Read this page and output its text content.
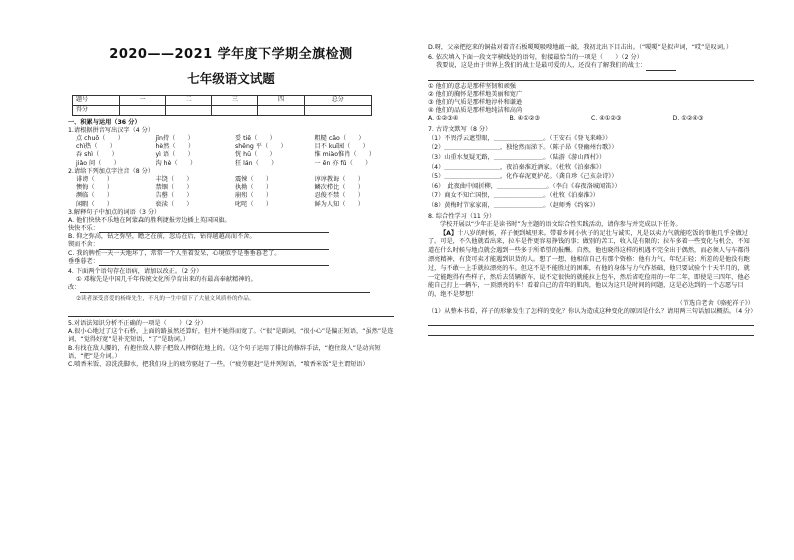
2020——2021 学年度下学期全旗检测
七年级语文试题
题号	一	二	三	四	总分
得分					
一、积累与运用（36 分）
1.请根据拼音写出汉字（4 分）
点 chuō（　　）	jīn持（　　）	妥 tiē（　　）	粗糙 cāo（　　）
chì热（　　）	hè然（　　）	shēng 平（　　）	目不 kuī园（　　）
吞 shì（　　）	yì 语（　　）	恍 hū（　　）	惟 miào惟肖（　　）
jiǎo 问（　　）	沟 hè（　　）	狂 lán（　　）	一 ēn 亦 fǔ（　　）
2.请给下列加点字注音（8 分）
诽谤（　　）	丰饶（　　）	震悚（　　）	谆谆教诲（　　）
懊悔（　　）	禁锢（　　）	执拗（　　）	鳞次栉比（　　）
濒临（　　）	告罄（　　）	崩殂（　　）	忍俊不禁（　　）
闲暇（　　）	亵渎（　　）	叱咤（　　）	鲜为人知（　　）
3.解释句子中加点的词语（3 分）
A. 他们快快不乐地在阿蒙森的胜利捷报旁边插上英国国旗。
快快不乐：
B. 仰之弥高，钻之弥坚，瞻之在前，忽焉在后，钻得越越高而不舍。
锲而不舍：
C. 我的脾性一天一天地坏了，常常一个人坐着发呆，心境似乎是垂垂暮老了。
垂垂暮老：
4. 下面两个语句存在语病，请加以改正。（2 分）
① 邓稼先是中国几千年传统文化所孕育出来的有最高奉献精神的。
改：
②读者深受喜爱的杨绛先生，不凡的一生中留下了大量文风质朴的作品。
5.对语法知识分析不正确的一项是（　　）（2 分）
A.很小心地过了这个石桥，上面的路虽然还算好，但并不她得而宽了。（“很”是副词，“很小心”是偏正短语，“虽然”是连词，“觉得好宽”是补充短语，“了”是助词。）
B.有找在敌人腰的，有抱住敌人脖子把敌人摔倒在地上的。（这个句子运用了排比的修辞手法，“抱住敌人”是动宾短语，“把”是介词。）
C.喷香米饭、凉洗洗脚水，把我们身上的疲劳驱赶了一些。（“疲劳驱赶”是并列短语，“喷香米饭”是主谓短语）
D.呀，父亲把挖来的铜盐对着青石板嗄嗄吸嗖地敲一敲，我初北出下目击出。（“嗄嗄”是拟声词，“哎”是叹词。）
6. 依次填入下面一段文字横线处的语句，衔接最恰当的一项是（　　）（2 分）
我要说，这是由于世界上我们的战士是最可爱的人，还没有了解我们的战士：
① 他们的意志是那样坚韧和顽强
② 他们的胸怀是那样地美丽和宽广
③ 他们的气质是那样地淳朴和谦逊
④ 他们的品质是那样地纯洁和高尚
A. ①②③④	B. ④①②③	C. ④①②③	D. ①②④③
7. 古诗文默写（8 分）
（1）不畏浮云遮望眼，＿＿＿＿＿＿＿＿。（王安石《登飞来峰》）
（2）＿＿＿＿＿＿＿＿＿，独怆然而涕下。（陈子昂《登幽州台歌》）
（3）山重水复疑无路，＿＿＿＿＿＿＿＿。（陆游《游山西村》）
（4）＿＿＿＿＿＿＿＿＿，夜泊秦淮近酒家。（杜牧《泊秦淮》）
（5）＿＿＿＿＿＿＿＿＿，化作春泥更护花。（龚自珍《己亥杂诗》）
（6）　此夜曲中闻折柳，＿＿＿＿＿＿＿＿。（李白《春夜洛城闻笛》）
（7）商女不知亡国恨，＿＿＿＿＿＿＿＿。（杜牧《泊秦淮》）
（8）黄梅时节家家雨，＿＿＿＿＿＿＿＿。（赵师秀《约客》）
8. 综合性学习（11 分）
学校开展以“少年正是读书时”为主题的语文综合性实践活动，请你参与并完成以下任务。
【A】十八岁的时候，祥子便到城里来。带着乡间小伙子的足壮与诚实，凡是以卖力气就能吃饭的事他几乎全做过了。可是，不久他就看出来，拉车是件更容易挣钱的事；做别的苦工，收入是有限的；拉车多着一些变化与机会，不知道在什么时候与地点就会遇到一些多于所希望的报酬。自然，他也晓得这样的机遇不完全出于偶然，而必须人与车都得漂亮精神，有货可卖才能遇到识货的人。想了一想，他相信自己有那个资格：他有力气，年纪正轻；所差的是他没有跑过，与不敢一上手就拉漂亮的车。但这不是不能胜过的困难，有他的身体与力气作基础，他只要试验个十天半月的，就一定能跑得有些样子，然后去赁辆新车，说不定很快的就能拉上包车，然后省吃俭用的一年二年，即使是三四年，他必能自己打上一辆车，一顶漂亮的车！看着自己的青年的肌肉，他以为这只是时间的问题，这是必达到的一个志愿与目的，绝不是梦想！
（节选自老舍《骆驼祥子》）
（1）从整本书看，祥子的形象发生了怎样的变化？你认为造成这种变化的原因是什么？请用两三句话加以概括。（4 分）
